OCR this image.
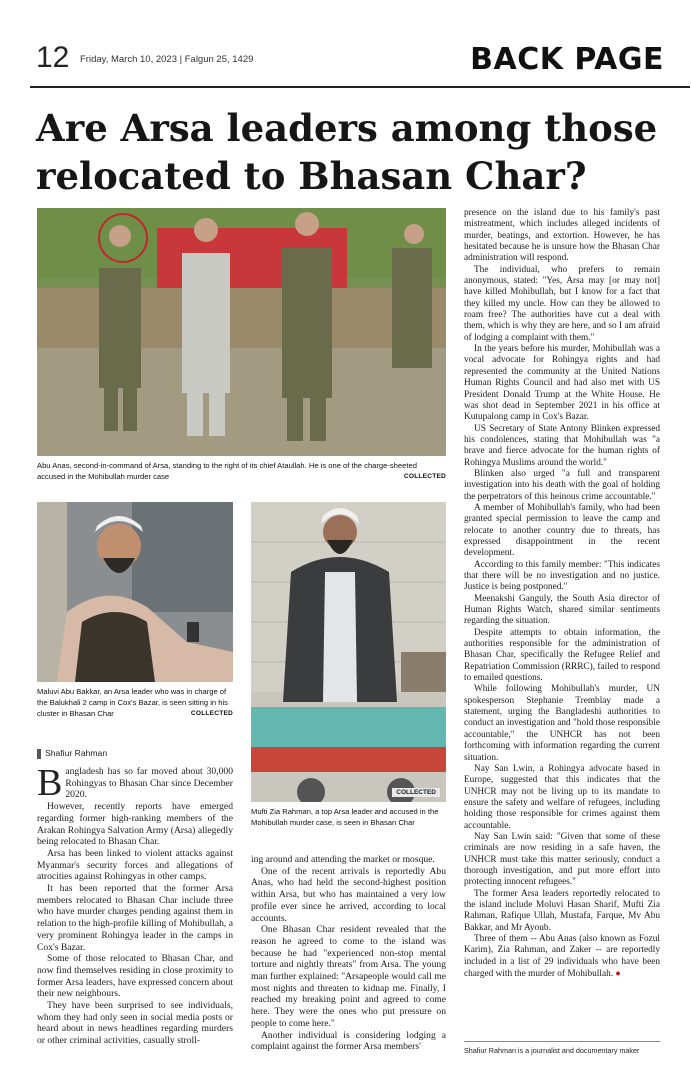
12 Friday, March 10, 2023 | Falgun 25, 1429	BACK PAGE
Are Arsa leaders among those relocated to Bhasan Char?
Abu Anas, second-in-command of Arsa, standing to the right of its chief Ataullah. He is one of the charge-sheeted accused in the Mohibullah murder case	COLLECTED
Maluvi Abu Bakkar, an Arsa leader who was in charge of the Balukhali 2 camp in Cox's Bazar, is seen sitting in his cluster in Bhasan Char	COLLECTED
COLLECTED
Mufti Zia Rahman, a top Arsa leader and accused in the Mohibullah murder case, is seen in Bhasan Char
Shafiur Rahman

Bangladesh has so far moved about 30,000 Rohingyas to Bhasan Char since December 2020.

However, recently reports have emerged regarding former high-ranking members of the Arakan Rohingya Salvation Army (Arsa) allegedly being relocated to Bhasan Char.

Arsa has been linked to violent attacks against Myanmar's security forces and allegations of atrocities against Rohingyas in other camps.

It has been reported that the former Arsa members relocated to Bhasan Char include three who have murder charges pending against them in relation to the high-profile killing of Mohibullah, a very prominent Rohingya leader in the camps in Cox's Bazar.

Some of those relocated to Bhasan Char, and now find themselves residing in close proximity to former Arsa leaders, have expressed concern about their new neighbours.

They have been surprised to see individuals, whom they had only seen in social media posts or heard about in news headlines regarding murders or other criminal activities, casually stroll-

ing around and attending the market or mosque.

One of the recent arrivals is reportedly Abu Anas, who had held the second-highest position within Arsa, but who has maintained a very low profile ever since he arrived, according to local accounts.

One Bhasan Char resident revealed that the reason he agreed to come to the island was because he had "experienced non-stop mental torture and nightly threats" from Arsa. The young man further explained: "Arsapeople would call me most nights and threaten to kidnap me. Finally, I reached my breaking point and agreed to come here. They were the ones who put pressure on people to come here."

Another individual is considering lodging a complaint against the former Arsa members'

presence on the island due to his family's past mistreatment, which includes alleged incidents of murder, beatings, and extortion. However, he has hesitated because he is unsure how the Bhasan Char administration will respond.

The individual, who prefers to remain anonymous, stated: "Yes, Arsa may [or may not] have killed Mohibullah, but I know for a fact that they killed my uncle. How can they be allowed to roam free? The authorities have cut a deal with them, which is why they are here, and so I am afraid of lodging a complaint with them."

In the years before his murder, Mohibullah was a vocal advocate for Rohingya rights and had represented the community at the United Nations Human Rights Council and had also met with US President Donald Trump at the White House. He was shot dead in September 2021 in his office at Kutupalong camp in Cox's Bazar.

US Secretary of State Antony Blinken expressed his condolences, stating that Mohibullah was "a brave and fierce advocate for the human rights of Rohingya Muslims around the world."

Blinken also urged "a full and transparent investigation into his death with the goal of holding the perpetrators of this heinous crime accountable."

A member of Mohibullah's family, who had been granted special permission to leave the camp and relocate to another country due to threats, has expressed disappointment in the recent development.

According to this family member: "This indicates that there will be no investigation and no justice. Justice is being postponed."

Meenakshi Ganguly, the South Asia director of Human Rights Watch, shared similar sentiments regarding the situation.

Despite attempts to obtain information, the authorities responsible for the administration of Bhasan Char, specifically the Refugee Relief and Repatriation Commission (RRRC), failed to respond to emailed questions.

While following Mohibullah's murder, UN spokesperson Stephanie Tremblay made a statement, urging the Bangladeshi authorities to conduct an investigation and "hold those responsible accountable," the UNHCR has not been forthcoming with information regarding the current situation.

Nay San Lwin, a Rohingya advocate based in Europe, suggested that this indicates that the UNHCR may not be living up to its mandate to ensure the safety and welfare of refugees, including holding those responsible for crimes against them accountable.

Nay San Lwin said: "Given that some of these criminals are now residing in a safe haven, the UNHCR must take this matter seriously, conduct a thorough investigation, and put more effort into protecting innocent refugees."

The former Arsa leaders reportedly relocated to the island include Moluvi Hasan Sharif, Mufti Zia Rahman, Rafique Ullah, Mustafa, Farque, Mv Abu Bakkar, and Mr Ayoub.

Three of them -- Abu Anas (also known as Fozul Karim), Zia Rahman, and Zaker -- are reportedly included in a list of 29 individuals who have been charged with the murder of Mohibullah. ●

Shafiur Rahman is a journalist and documentary maker
